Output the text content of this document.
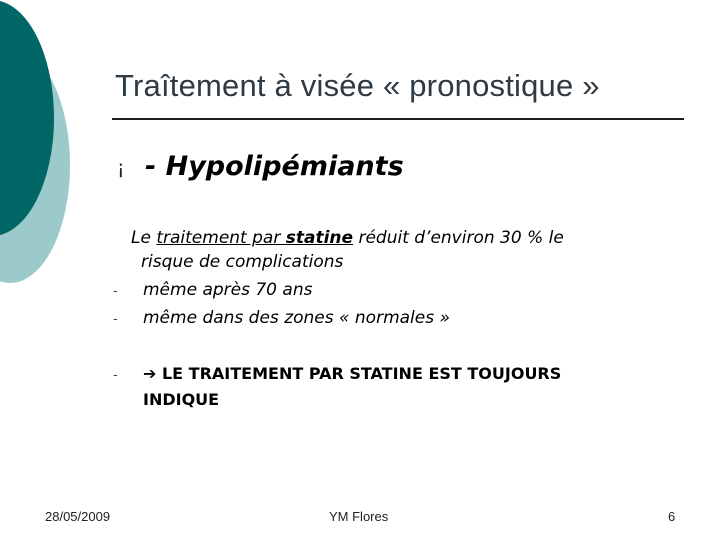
Traîtement à visée « pronostique »
¡ - Hypolipémiants
Le traitement par statine réduit d’environ 30 % le
risque de complications
- même après 70 ans
- même dans des zones « normales »
- ➔ LE TRAITEMENT PAR STATINE EST TOUJOURS
INDIQUE
28/05/2009	YM Flores	6
